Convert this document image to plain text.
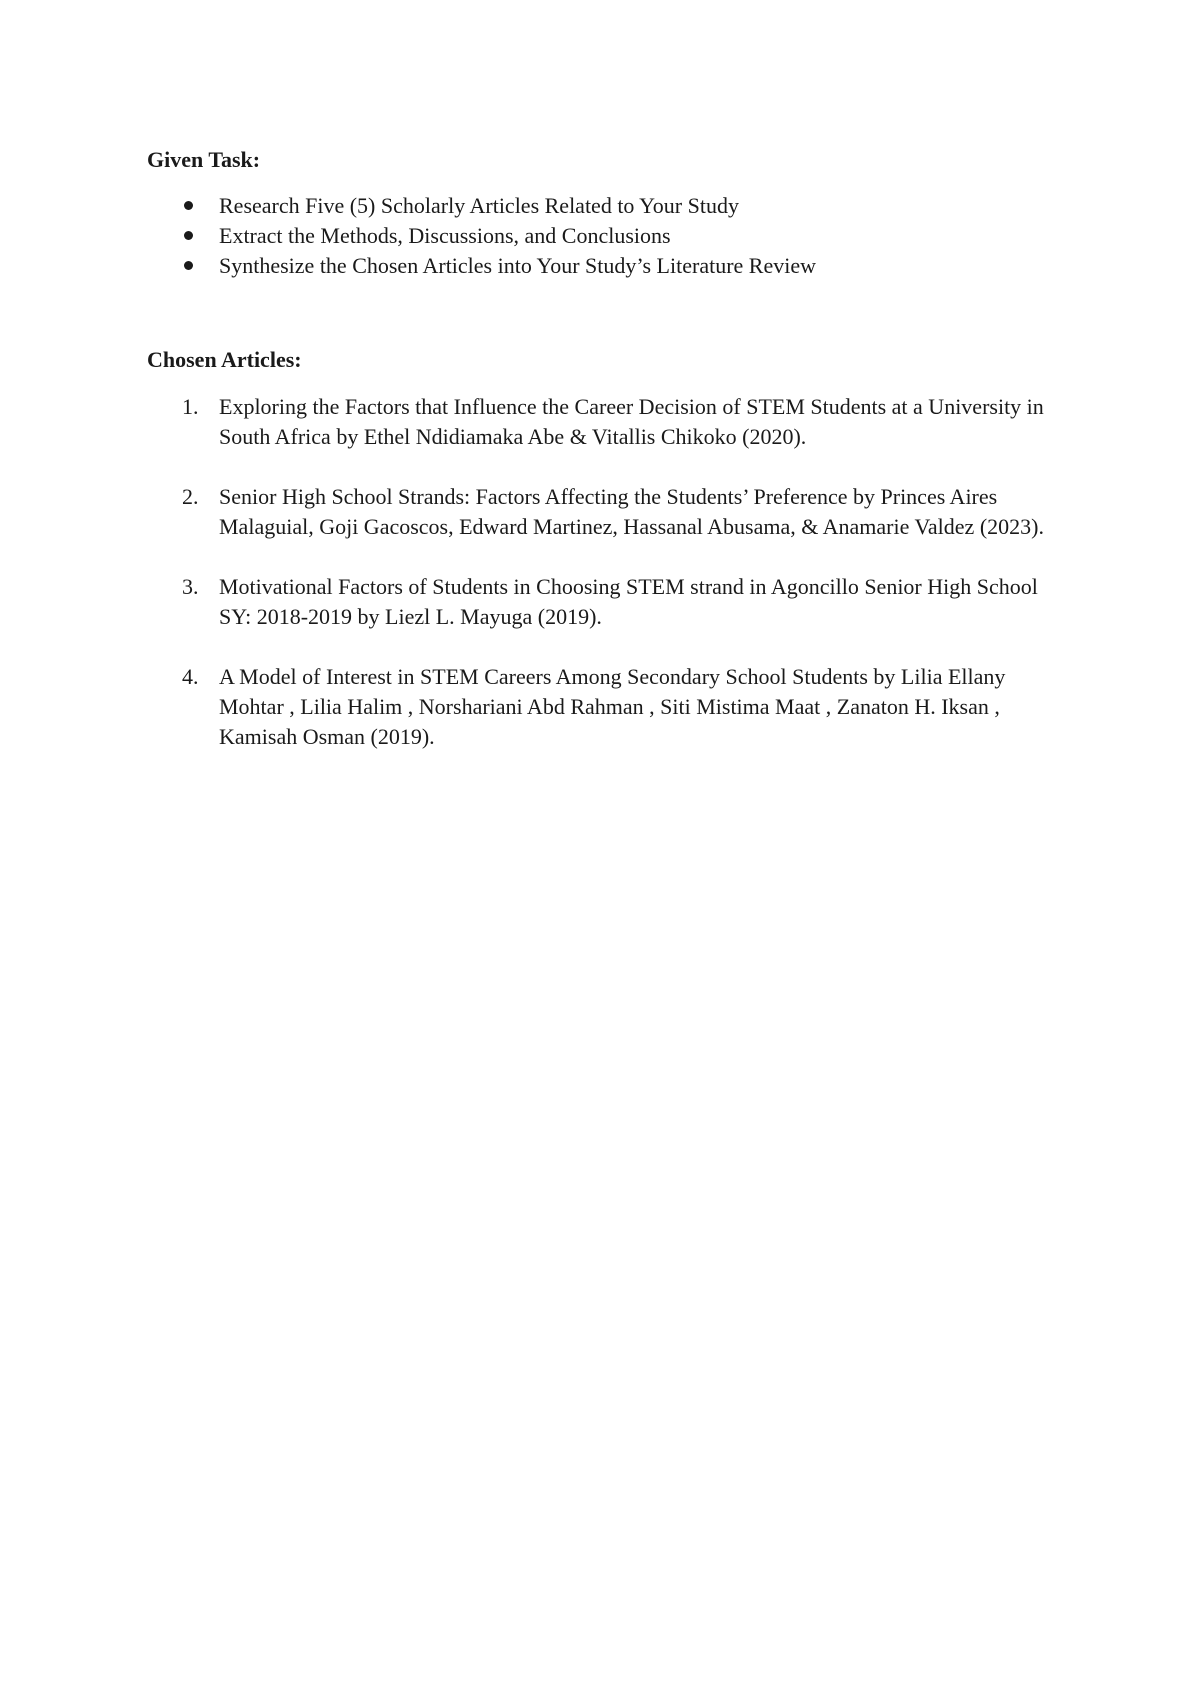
Given Task:
Research Five (5) Scholarly Articles Related to Your Study
Extract the Methods, Discussions, and Conclusions
Synthesize the Chosen Articles into Your Study’s Literature Review
Chosen Articles:
1. Exploring the Factors that Influence the Career Decision of STEM Students at a University in South Africa by Ethel Ndidiamaka Abe & Vitallis Chikoko (2020).
2. Senior High School Strands: Factors Affecting the Students’ Preference by Princes Aires Malaguial, Goji Gacoscos, Edward Martinez, Hassanal Abusama, & Anamarie Valdez (2023).
3. Motivational Factors of Students in Choosing STEM strand in Agoncillo Senior High School SY: 2018-2019 by Liezl L. Mayuga (2019).
4. A Model of Interest in STEM Careers Among Secondary School Students by Lilia Ellany Mohtar , Lilia Halim , Norshariani Abd Rahman , Siti Mistima Maat , Zanaton H. Iksan , Kamisah Osman (2019).
